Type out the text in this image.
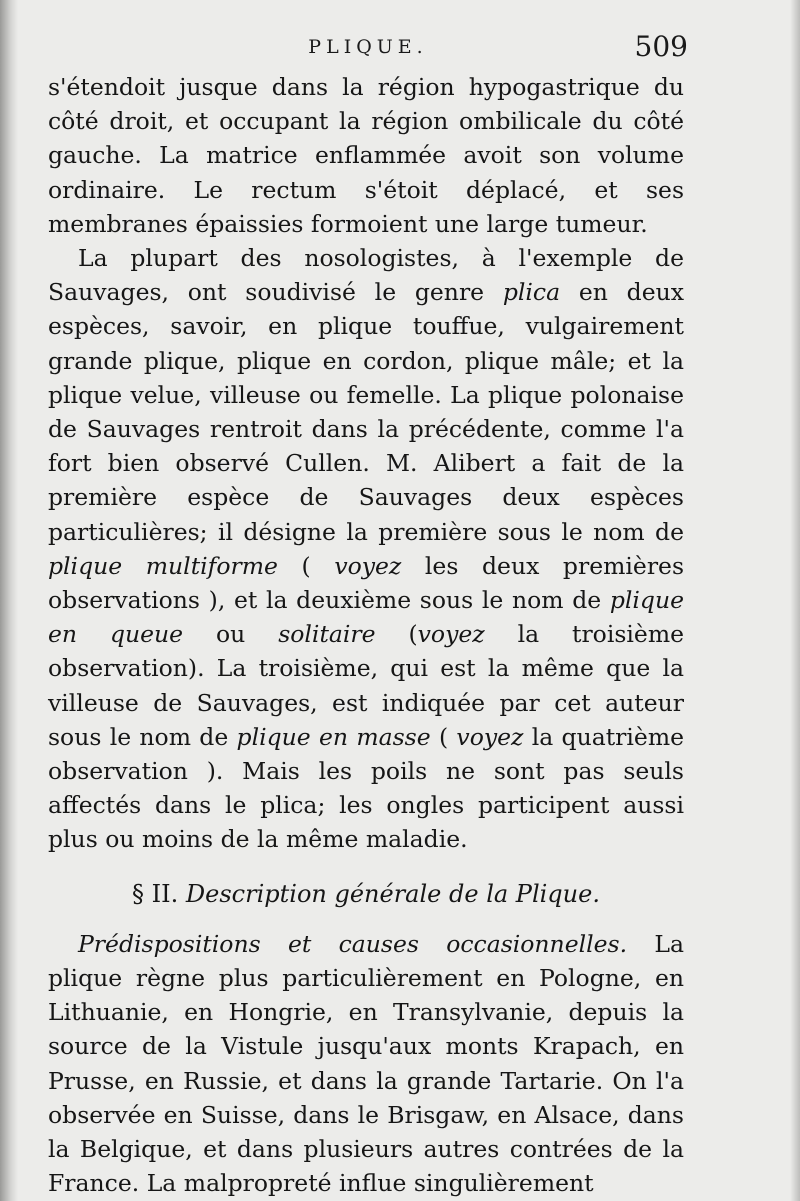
PLIQUE.	509

s'étendoit jusque dans la région hypogastrique du côté droit, et occupant la région ombilicale du côté gauche. La matrice enflammée avoit son volume ordinaire. Le rectum s'étoit déplacé, et ses membranes épaissies formoient une large tumeur.

La plupart des nosologistes, à l'exemple de Sauvages, ont soudivisé le genre plica en deux espèces, savoir, en plique touffue, vulgairement grande plique, plique en cordon, plique mâle; et la plique velue, villeuse ou femelle. La plique polonaise de Sauvages rentroit dans la précédente, comme l'a fort bien observé Cullen. M. Alibert a fait de la première espèce de Sauvages deux espèces particulières; il désigne la première sous le nom de plique multiforme ( voyez les deux premières observations ), et la deuxième sous le nom de plique en queue ou solitaire (voyez la troisième observation). La troisième, qui est la même que la villeuse de Sauvages, est indiquée par cet auteur sous le nom de plique en masse ( voyez la quatrième observation ). Mais les poils ne sont pas seuls affectés dans le plica; les ongles participent aussi plus ou moins de la même maladie.

§ II. Description générale de la Plique.

Prédispositions et causes occasionnelles. La plique règne plus particulièrement en Pologne, en Lithuanie, en Hongrie, en Transylvanie, depuis la source de la Vistule jusqu'aux monts Krapach, en Prusse, en Russie, et dans la grande Tartarie. On l'a observée en Suisse, dans le Brisgaw, en Alsace, dans la Belgique, et dans plusieurs autres contrées de la France. La malpropreté influe singulièrement
